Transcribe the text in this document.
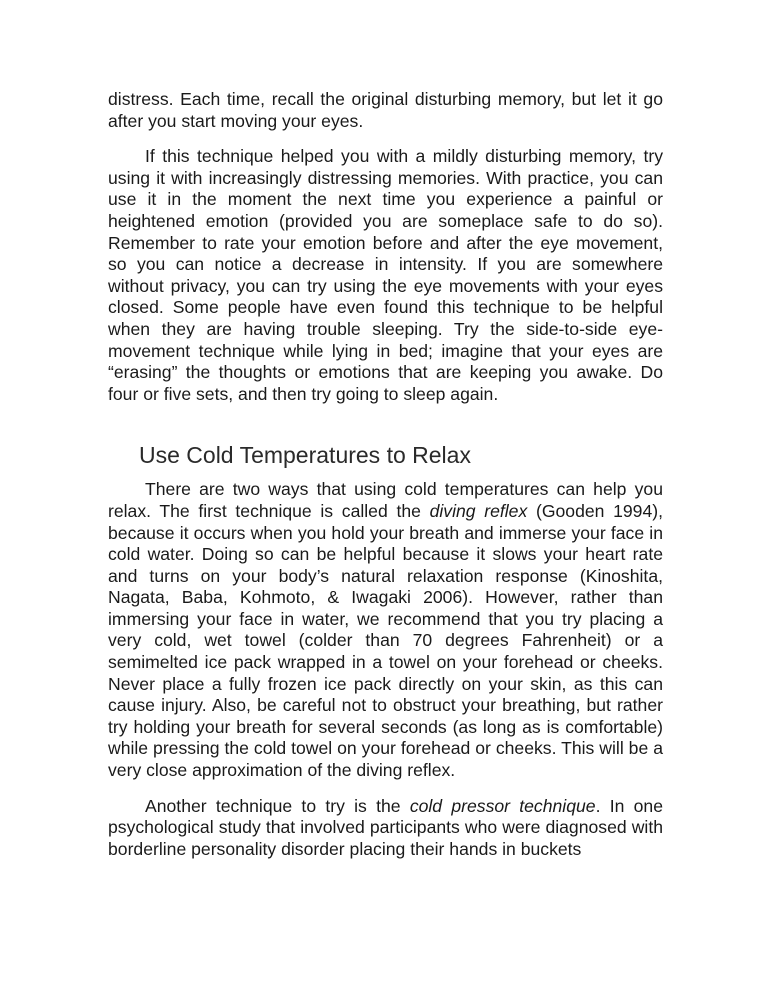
distress. Each time, recall the original disturbing memory, but let it go after you start moving your eyes.

If this technique helped you with a mildly disturbing memory, try using it with increasingly distressing memories. With practice, you can use it in the moment the next time you experience a painful or heightened emotion (provided you are someplace safe to do so). Remember to rate your emotion before and after the eye movement, so you can notice a decrease in intensity. If you are somewhere without privacy, you can try using the eye movements with your eyes closed. Some people have even found this technique to be helpful when they are having trouble sleeping. Try the side-to-side eye-movement technique while lying in bed; imagine that your eyes are “erasing” the thoughts or emotions that are keeping you awake. Do four or five sets, and then try going to sleep again.

Use Cold Temperatures to Relax

There are two ways that using cold temperatures can help you relax. The first technique is called the diving reflex (Gooden 1994), because it occurs when you hold your breath and immerse your face in cold water. Doing so can be helpful because it slows your heart rate and turns on your body’s natural relaxation response (Kinoshita, Nagata, Baba, Kohmoto, & Iwagaki 2006). However, rather than immersing your face in water, we recommend that you try placing a very cold, wet towel (colder than 70 degrees Fahrenheit) or a semimelted ice pack wrapped in a towel on your forehead or cheeks. Never place a fully frozen ice pack directly on your skin, as this can cause injury. Also, be careful not to obstruct your breathing, but rather try holding your breath for several seconds (as long as is comfortable) while pressing the cold towel on your forehead or cheeks. This will be a very close approximation of the diving reflex.

Another technique to try is the cold pressor technique. In one psychological study that involved participants who were diagnosed with borderline personality disorder placing their hands in buckets
